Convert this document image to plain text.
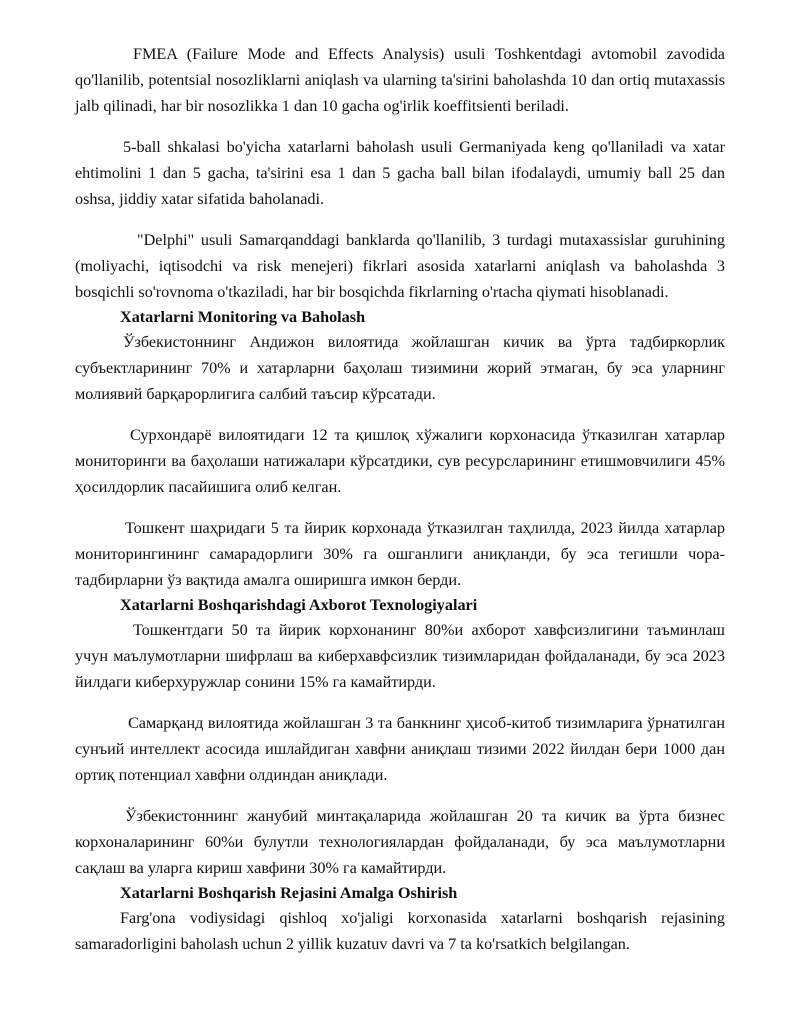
FMEA (Failure Mode and Effects Analysis) usuli Toshkentdagi avtomobil zavodida qo'llanilib, potentsial nosozliklarni aniqlash va ularning ta'sirini baholashda 10 dan ortiq mutaxassis jalb qilinadi, har bir nosozlikka 1 dan 10 gacha og'irlik koeffitsienti beriladi.

5-ball shkalasi bo'yicha xatarlarni baholash usuli Germaniyada keng qo'llaniladi va xatar ehtimolini 1 dan 5 gacha, ta'sirini esa 1 dan 5 gacha ball bilan ifodalaydi, umumiy ball 25 dan oshsa, jiddiy xatar sifatida baholanadi.

"Delphi" usuli Samarqanddagi banklarda qo'llanilib, 3 turdagi mutaxassislar guruhining (moliyachi, iqtisodchi va risk menejeri) fikrlari asosida xatarlarni aniqlash va baholashda 3 bosqichli so'rovnoma o'tkaziladi, har bir bosqichda fikrlarning o'rtacha qiymati hisoblanadi.

Xatarlarni Monitoring va Baholash

Ўзбекистоннинг Андижон вилоятида жойлашган кичик ва ўрта тадбиркорлик субъектларининг 70% и хатарларни баҳолаш тизимини жорий этмаган, бу эса уларнинг молиявий барқарорлигига салбий таъсир кўрсатади.

Сурхондарё вилоятидаги 12 та қишлоқ хўжалиги корхонасида ўтказилган хатарлар мониторинги ва баҳолаши натижалари кўрсатдики, сув ресурсларининг етишмовчилиги 45% ҳосилдорлик пасайишига олиб келган.

Тошкент шаҳридаги 5 та йирик корхонада ўтказилган таҳлилда, 2023 йилда хатарлар мониторингининг самарадорлиги 30% га ошганлиги аниқланди, бу эса тегишли чора-тадбирларни ўз вақтида амалга оширишга имкон берди.

Xatarlarni Boshqarishdagi Axborot Texnologiyalari

Тошкентдаги 50 та йирик корхонанинг 80%и ахборот хавфсизлигини таъминлаш учун маълумотларни шифрлаш ва киберхавфсизлик тизимларидан фойдаланади, бу эса 2023 йилдаги киберхуружлар сонини 15% га камайтирди.

Самарқанд вилоятида жойлашган 3 та банкнинг ҳисоб-китоб тизимларига ўрнатилган сунъий интеллект асосида ишлайдиган хавфни аниқлаш тизими 2022 йилдан бери 1000 дан ортиқ потенциал хавфни олдиндан аниқлади.

Ўзбекистоннинг жанубий минтақаларида жойлашган 20 та кичик ва ўрта бизнес корхоналарининг 60%и булутли технологиялардан фойдаланади, бу эса маълумотларни сақлаш ва уларга кириш хавфини 30% га камайтирди.

Xatarlarni Boshqarish Rejasini Amalga Oshirish

Farg'ona vodiysidagi qishloq xo'jaligi korxonasida xatarlarni boshqarish rejasining samaradorligini baholash uchun 2 yillik kuzatuv davri va 7 ta ko'rsatkich belgilangan.
